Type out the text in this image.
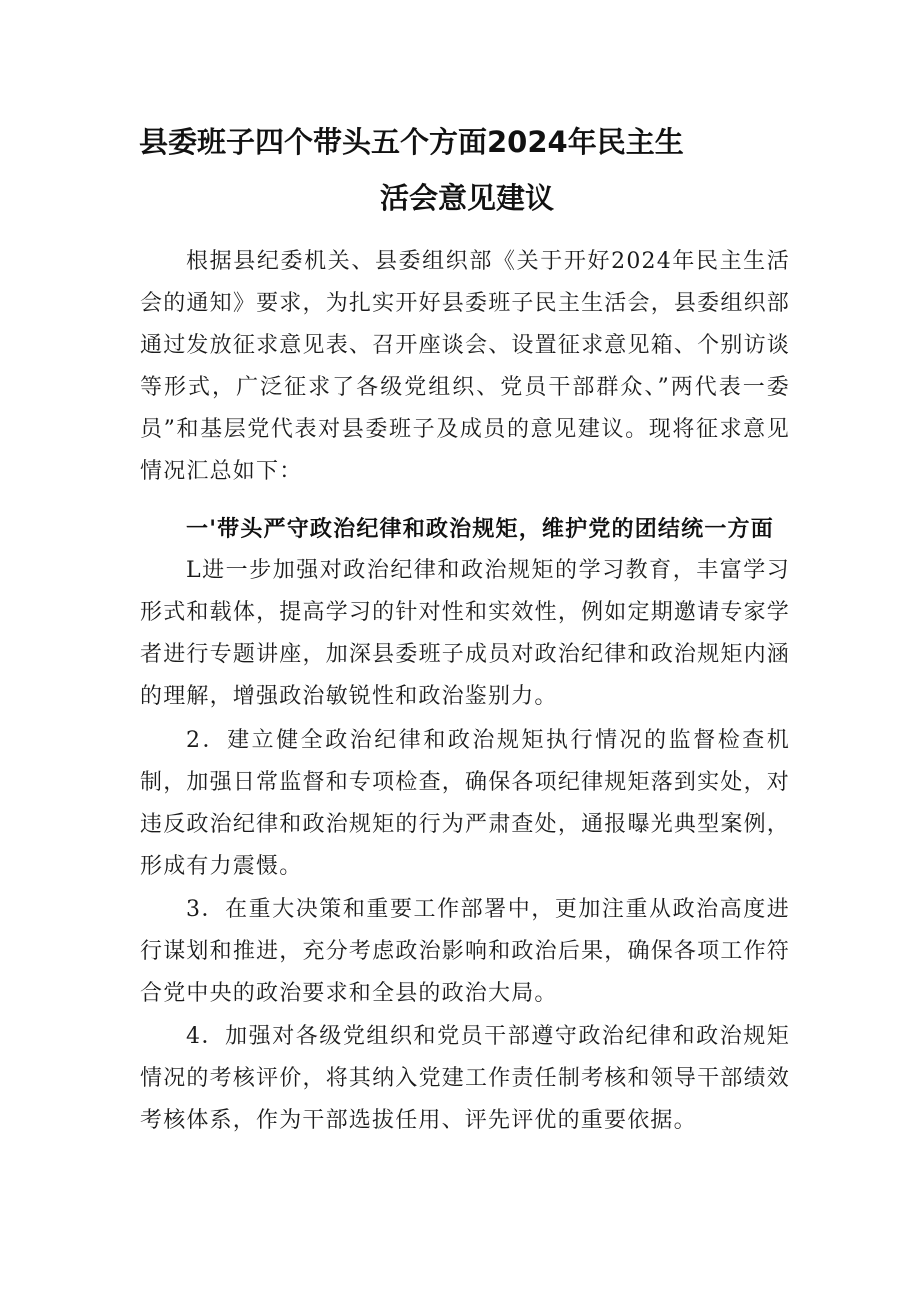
县委班子四个带头五个方面2024年民主生
活会意见建议

根据县纪委机关、县委组织部《关于开好2024年民主生活会的通知》要求，为扎实开好县委班子民主生活会，县委组织部通过发放征求意见表、召开座谈会、设置征求意见箱、个别访谈等形式，广泛征求了各级党组织、党员干部群众、”两代表一委员”和基层党代表对县委班子及成员的意见建议。现将征求意见情况汇总如下：

一'带头严守政治纪律和政治规矩，维护党的团结统一方面

L进一步加强对政治纪律和政治规矩的学习教育，丰富学习形式和载体，提高学习的针对性和实效性，例如定期邀请专家学者进行专题讲座，加深县委班子成员对政治纪律和政治规矩内涵的理解，增强政治敏锐性和政治鉴别力。

2．建立健全政治纪律和政治规矩执行情况的监督检查机制，加强日常监督和专项检查，确保各项纪律规矩落到实处，对违反政治纪律和政治规矩的行为严肃查处，通报曝光典型案例，形成有力震慑。

3．在重大决策和重要工作部署中，更加注重从政治高度进行谋划和推进，充分考虑政治影响和政治后果，确保各项工作符合党中央的政治要求和全县的政治大局。

4．加强对各级党组织和党员干部遵守政治纪律和政治规矩情况的考核评价，将其纳入党建工作责任制考核和领导干部绩效考核体系，作为干部选拔任用、评先评优的重要依据。
